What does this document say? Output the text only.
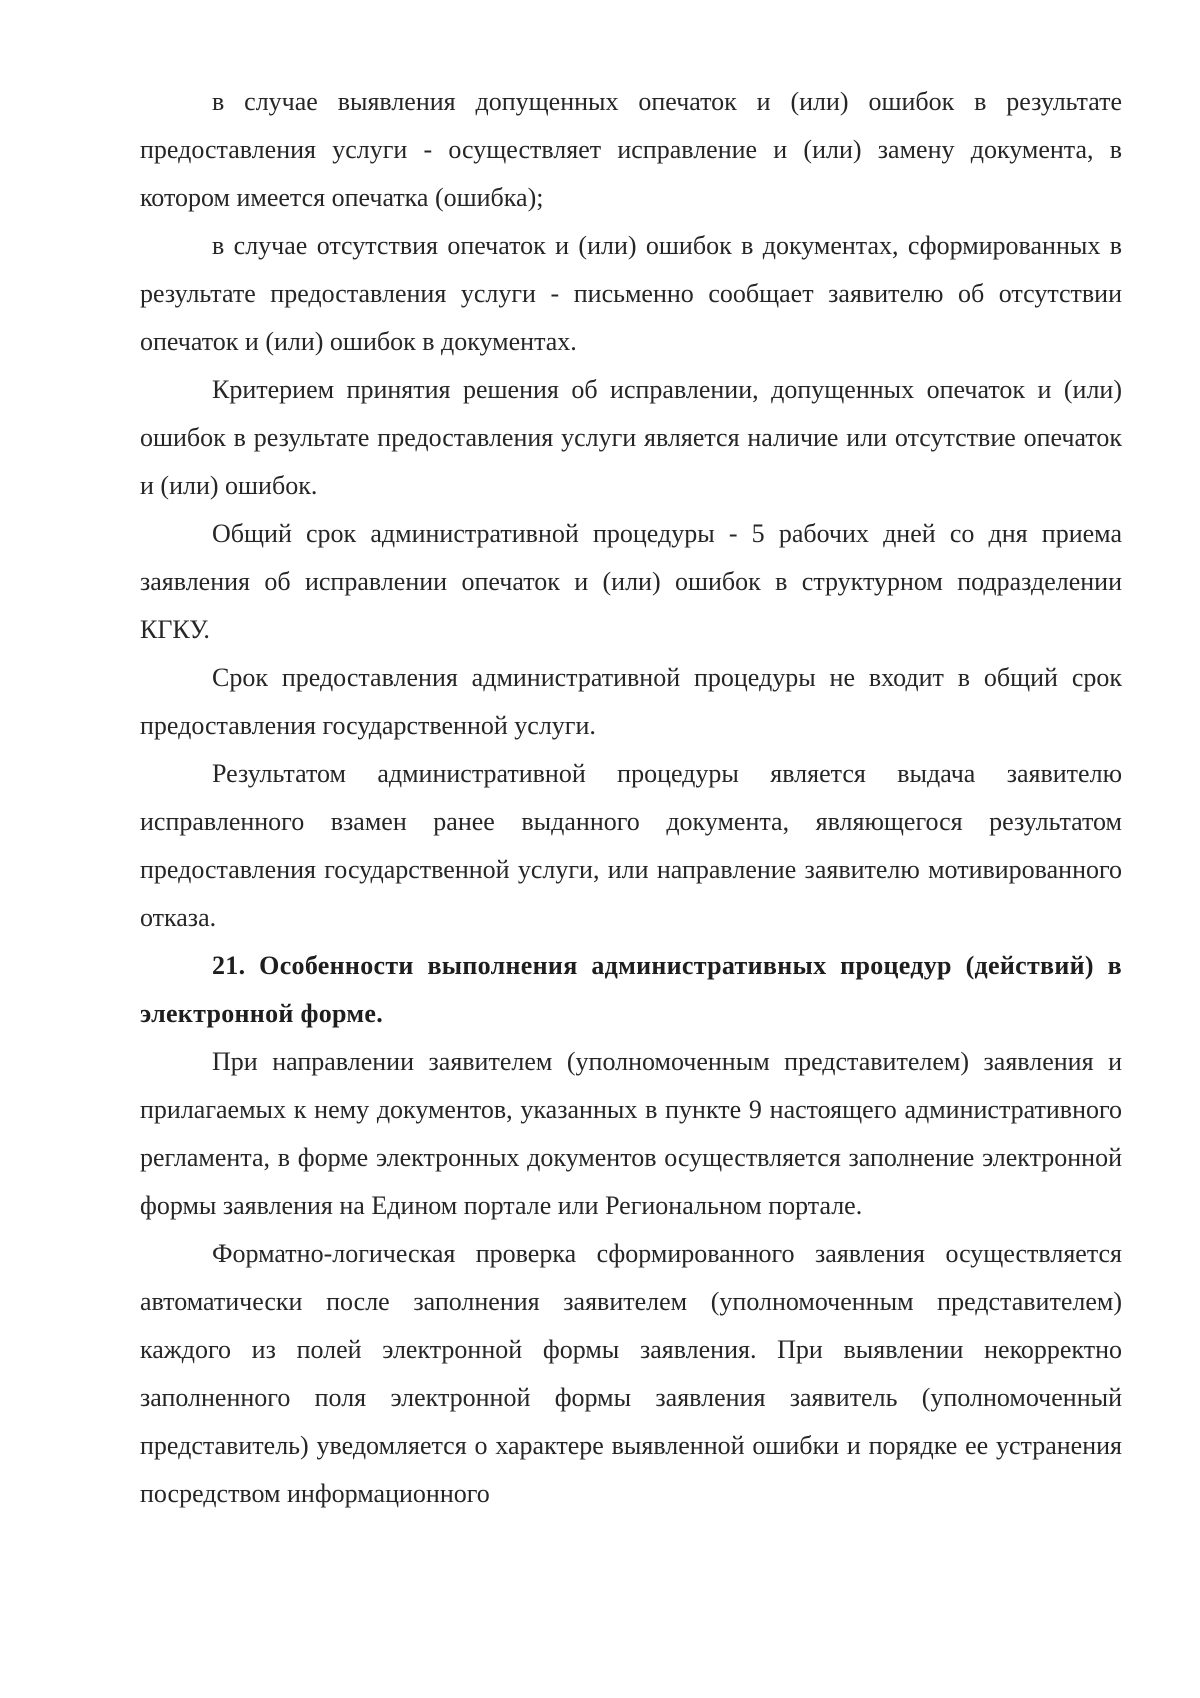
в случае выявления допущенных опечаток и (или) ошибок в результате предоставления услуги - осуществляет исправление и (или) замену документа, в котором имеется опечатка (ошибка);

в случае отсутствия опечаток и (или) ошибок в документах, сформированных в результате предоставления услуги - письменно сообщает заявителю об отсутствии опечаток и (или) ошибок в документах.

Критерием принятия решения об исправлении, допущенных опечаток и (или) ошибок в результате предоставления услуги является наличие или отсутствие опечаток и (или) ошибок.

Общий срок административной процедуры - 5 рабочих дней со дня приема заявления об исправлении опечаток и (или) ошибок в структурном подразделении КГКУ.

Срок предоставления административной процедуры не входит в общий срок предоставления государственной услуги.

Результатом административной процедуры является выдача заявителю исправленного взамен ранее выданного документа, являющегося результатом предоставления государственной услуги, или направление заявителю мотивированного отказа.

21. Особенности выполнения административных процедур (действий) в электронной форме.

При направлении заявителем (уполномоченным представителем) заявления и прилагаемых к нему документов, указанных в пункте 9 настоящего административного регламента, в форме электронных документов осуществляется заполнение электронной формы заявления на Едином портале или Региональном портале.

Форматно-логическая проверка сформированного заявления осуществляется автоматически после заполнения заявителем (уполномоченным представителем) каждого из полей электронной формы заявления. При выявлении некорректно заполненного поля электронной формы заявления заявитель (уполномоченный представитель) уведомляется о характере выявленной ошибки и порядке ее устранения посредством информационного
